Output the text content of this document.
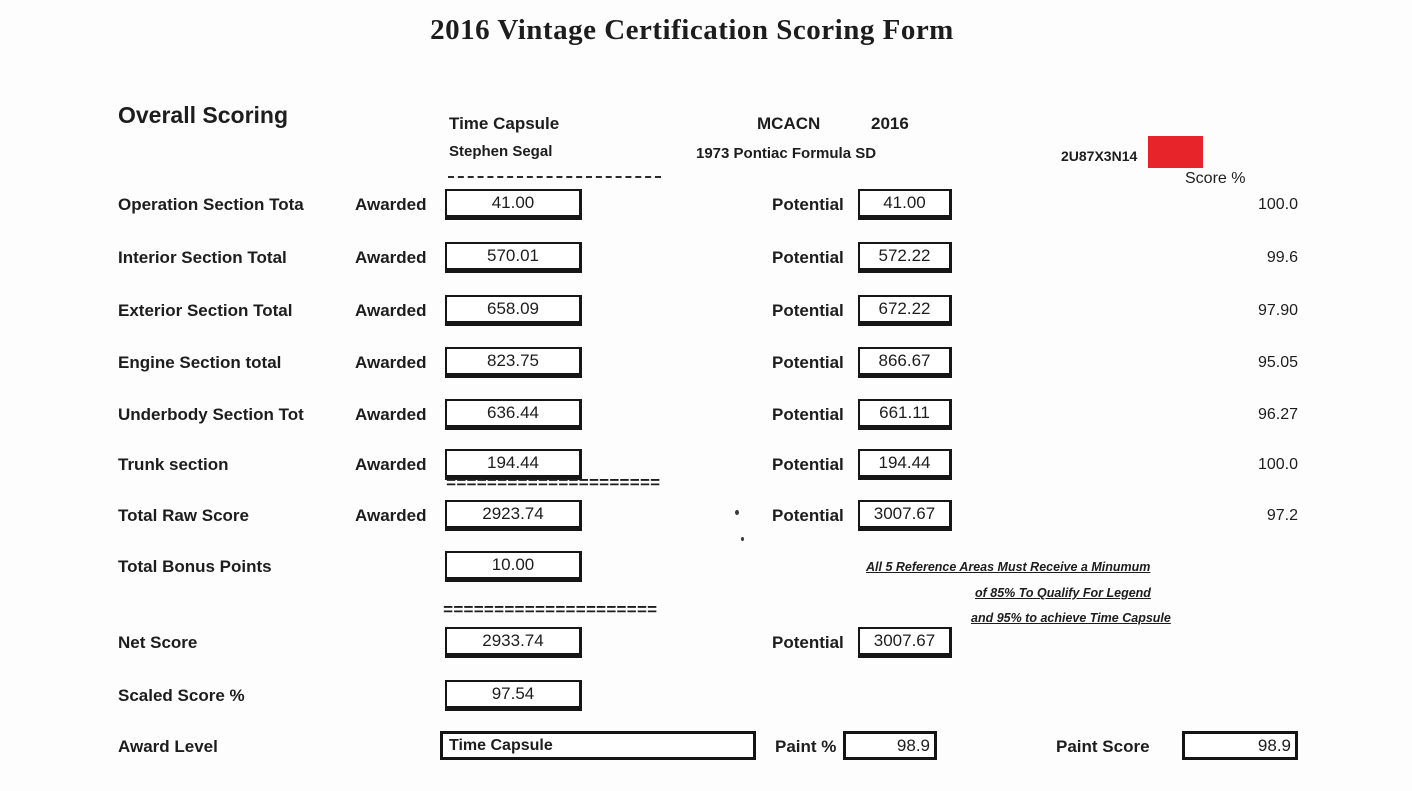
2016 Vintage Certification Scoring Form
Overall Scoring	Time Capsule
Stephen Segal
MCACN	2016
1973 Pontiac Formula SD	2U87X3N14
Score %
Operation Section Tota	Awarded	41.00	Potential	41.00	100.0
Interior Section Total	Awarded	570.01	Potential	572.22	99.6
Exterior Section Total	Awarded	658.09	Potential	672.22	97.90
Engine Section total	Awarded	823.75	Potential	866.67	95.05
Underbody Section Tot	Awarded	636.44	Potential	661.11	96.27
Trunk section	Awarded	194.44	Potential	194.44	100.0
=====================
Total Raw Score	Awarded	2923.74	Potential	3007.67	97.2
Total Bonus Points	10.00	All 5 Reference Areas Must Receive a Minumum
of 85% To Qualify For Legend
and 95% to achieve Time Capsule
=====================
Net Score	2933.74	Potential	3007.67
Scaled Score %	97.54
Award Level	Time Capsule	Paint %	98.9	Paint Score	98.9
